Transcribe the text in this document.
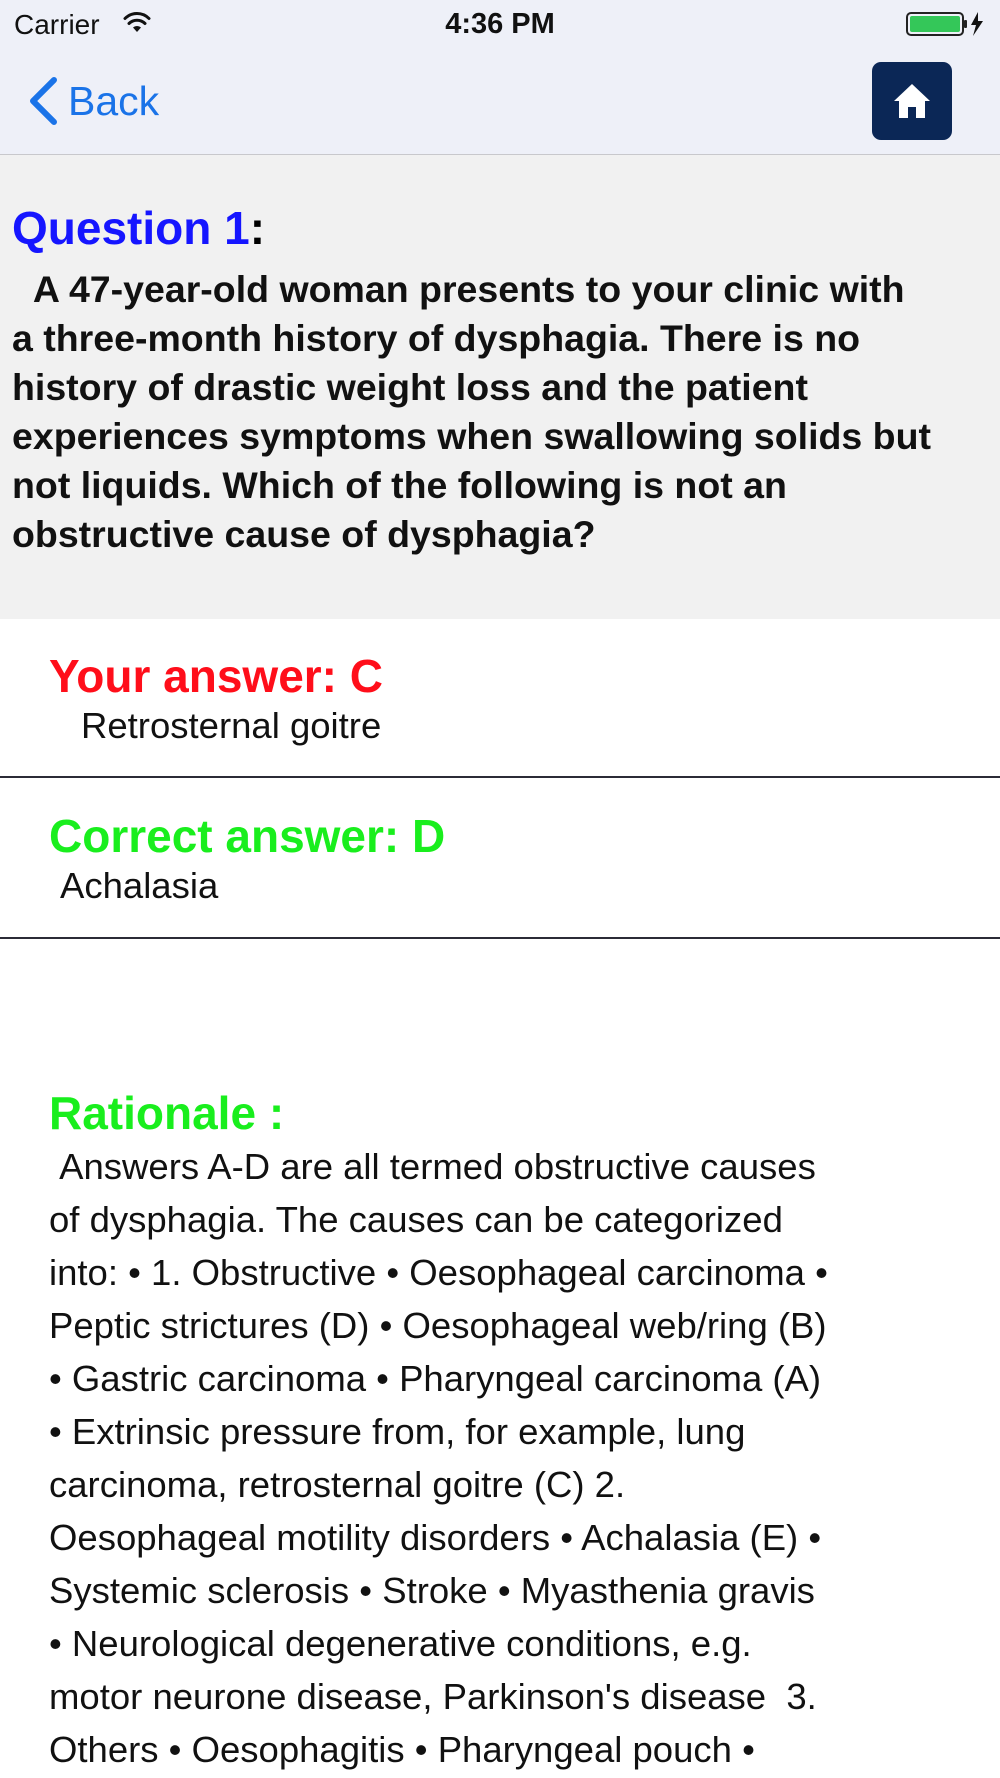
Carrier	4:36 PM
Back
Question 1:
A 47-year-old woman presents to your clinic with
a three-month history of dysphagia. There is no
history of drastic weight loss and the patient
experiences symptoms when swallowing solids but
not liquids. Which of the following is not an
obstructive cause of dysphagia?
Your answer: C
Retrosternal goitre
Correct answer: D
Achalasia
Rationale :
Answers A-D are all termed obstructive causes
of dysphagia. The causes can be categorized
into: • 1. Obstructive • Oesophageal carcinoma •
Peptic strictures (D) • Oesophageal web/ring (B)
• Gastric carcinoma • Pharyngeal carcinoma (A)
• Extrinsic pressure from, for example, lung
carcinoma, retrosternal goitre (C) 2.
Oesophageal motility disorders • Achalasia (E) •
Systemic sclerosis • Stroke • Myasthenia gravis
• Neurological degenerative conditions, e.g.
motor neurone disease, Parkinson's disease  3.
Others • Oesophagitis • Pharyngeal pouch •
